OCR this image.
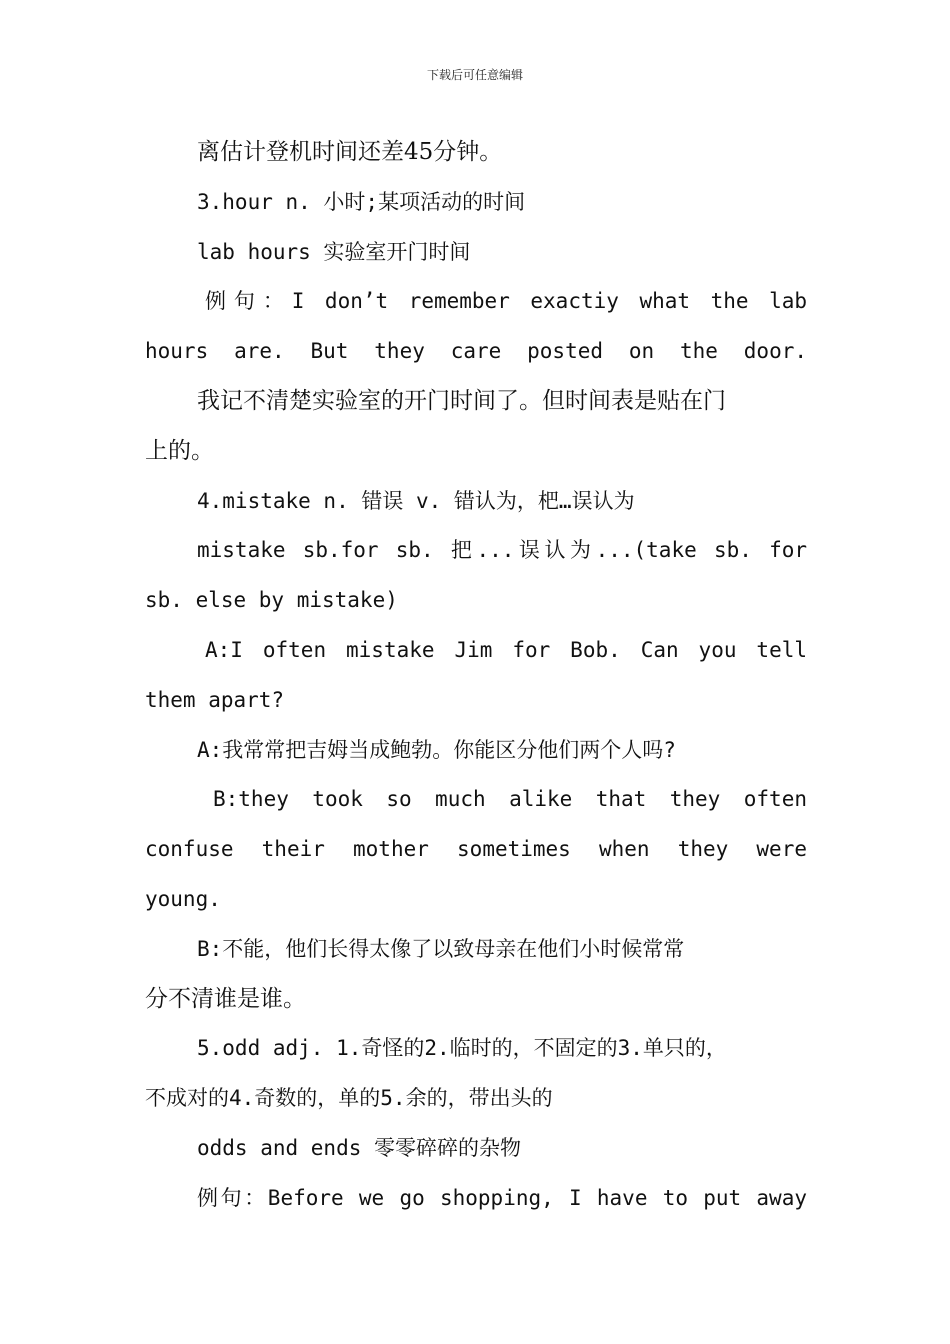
下载后可任意编辑
离估计登机时间还差45分钟。
3.hour n. 小时;某项活动的时间
lab hours 实验室开门时间
例句：I don’t remember exactiy what the lab
hours are. But they care posted on the door.
我记不清楚实验室的开门时间了。但时间表是贴在门
上的。
4.mistake n. 错误 v. 错认为，杷…误认为
mistake sb.for sb. 把...误认为...(take sb. for
sb. else by mistake)
A:I often mistake Jim for Bob. Can you tell
them apart?
A:我常常把吉姆当成鲍勃。你能区分他们两个人吗?
B:they took so much alike that they often
confuse their mother sometimes when they were
young.
B:不能，他们长得太像了以致母亲在他们小时候常常
分不清谁是谁。
5.odd adj. 1.奇怪的2.临时的，不固定的3.单只的，
不成对的4.奇数的，单的5.余的，带出头的
odds and ends 零零碎碎的杂物
例句：Before we go shopping, I have to put away
